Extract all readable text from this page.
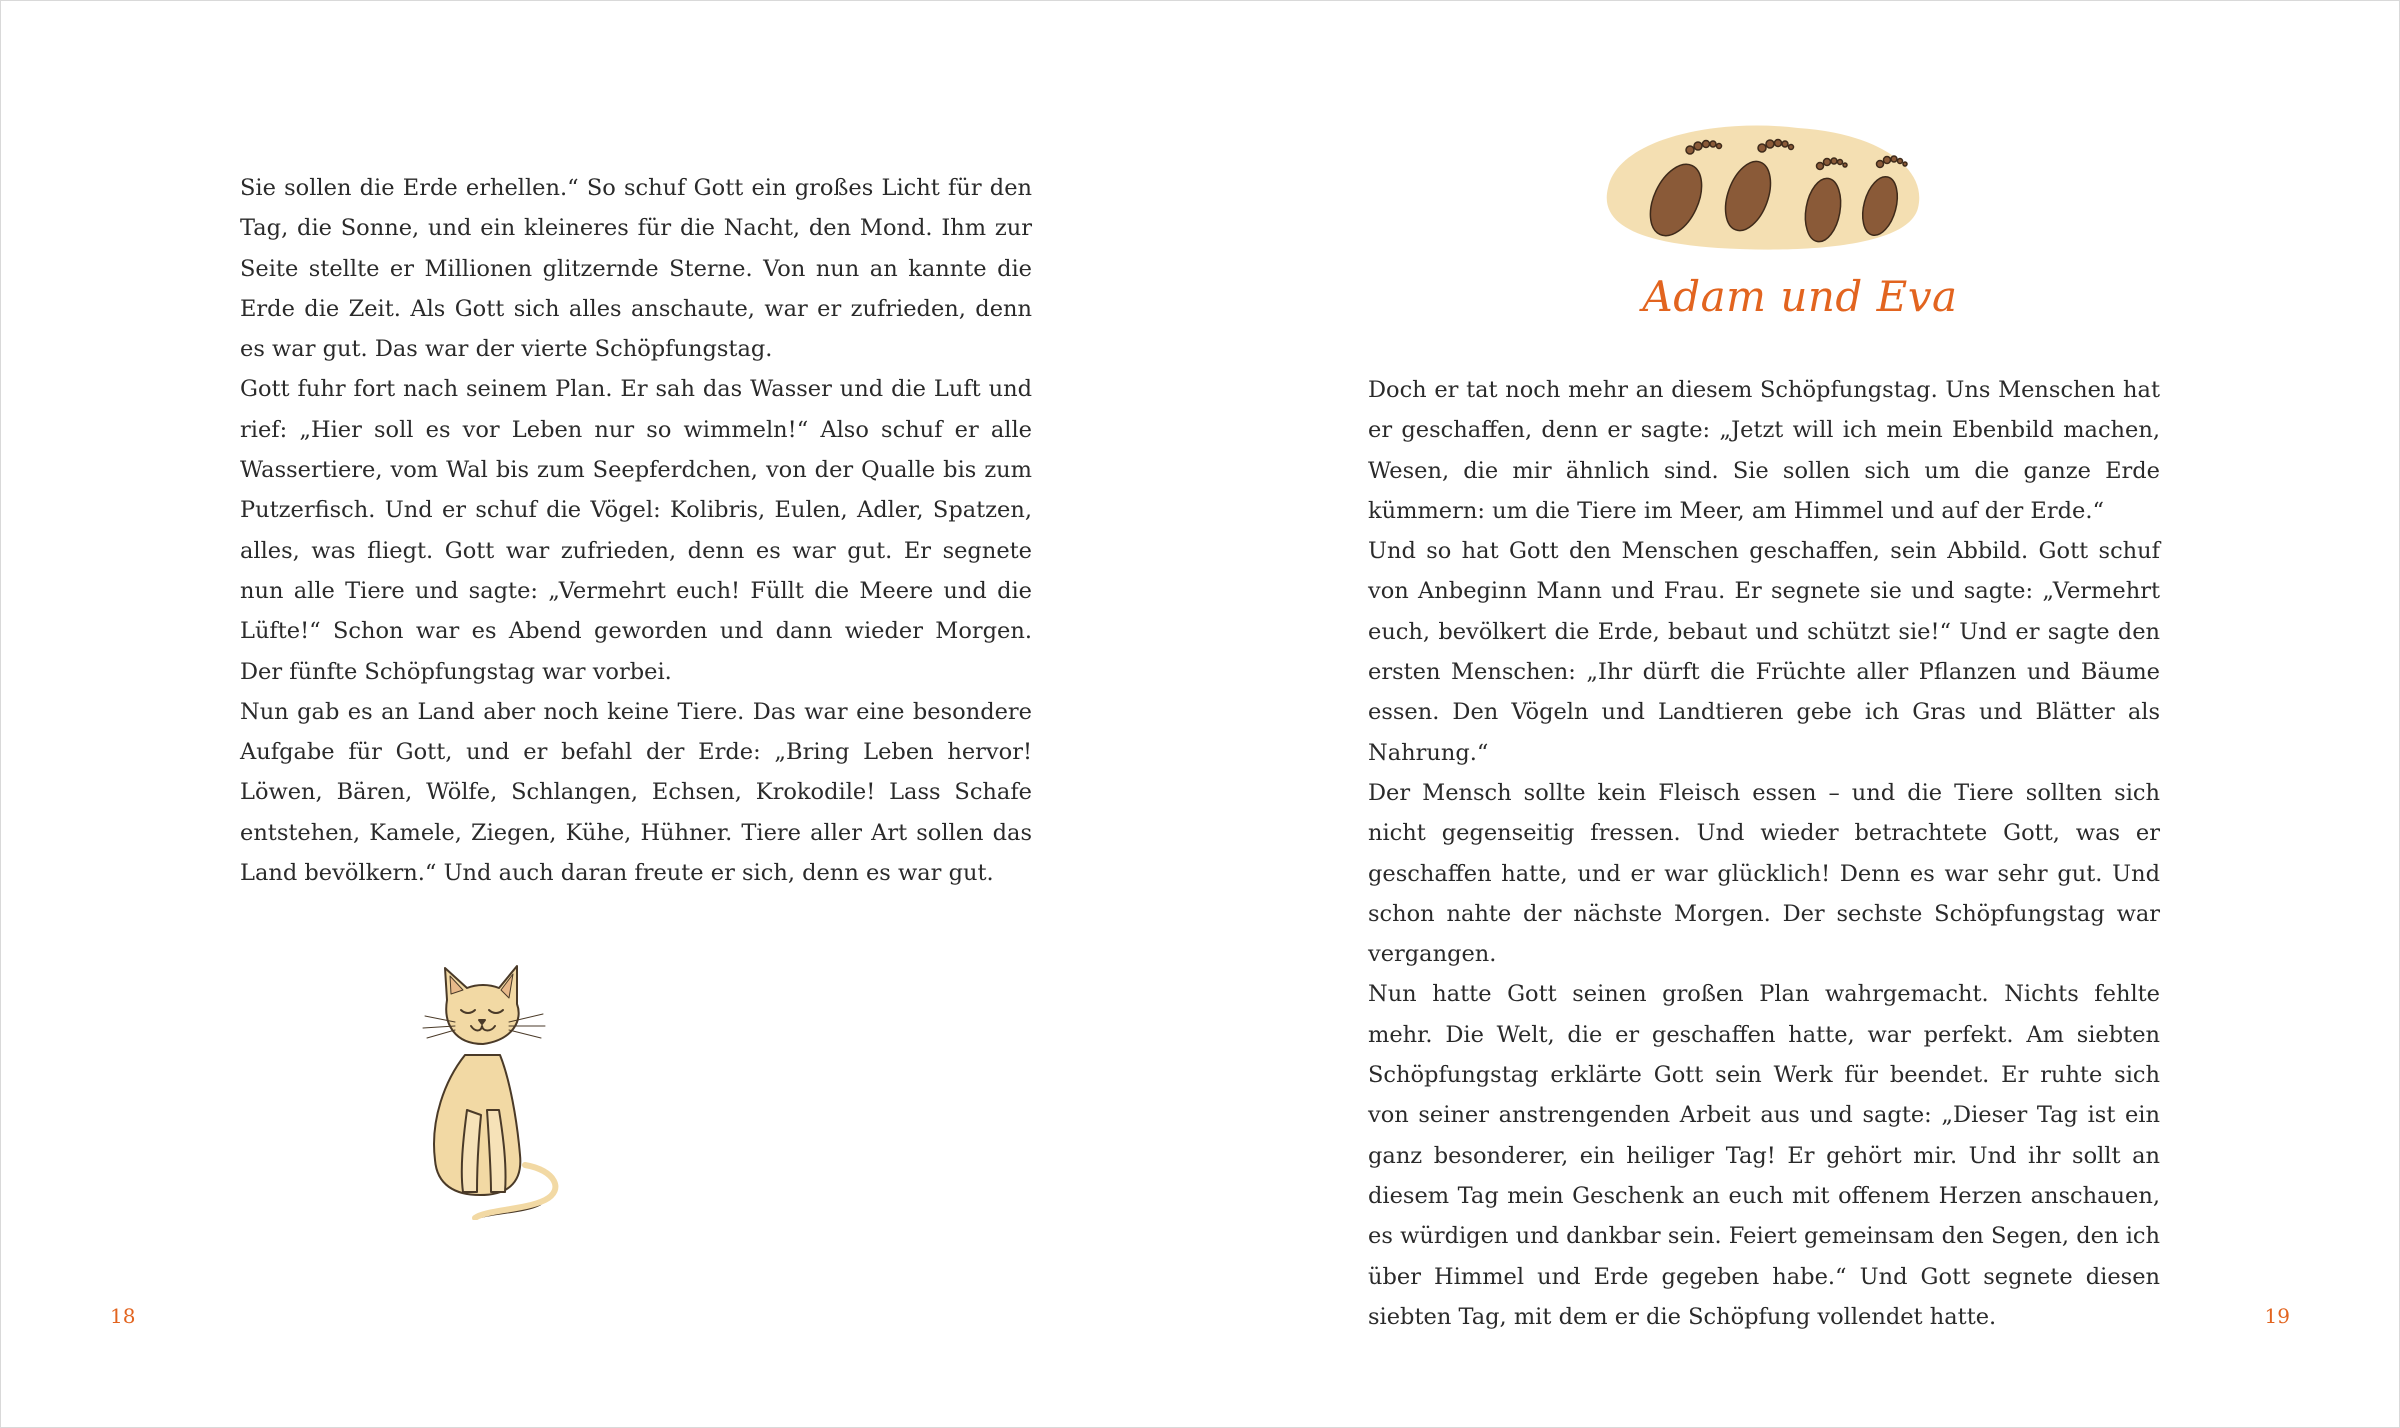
Sie sollen die Erde erhellen.“ So schuf Gott ein großes Licht für den Tag, die Sonne, und ein kleineres für die Nacht, den Mond. Ihm zur Seite stellte er Millionen glitzernde Sterne. Von nun an kannte die Erde die Zeit. Als Gott sich alles anschaute, war er zufrieden, denn es war gut. Das war der vierte Schöpfungstag.

Gott fuhr fort nach seinem Plan. Er sah das Wasser und die Luft und rief: „Hier soll es vor Leben nur so wimmeln!“ Also schuf er alle Wassertiere, vom Wal bis zum Seepferdchen, von der Qualle bis zum Putzerfisch. Und er schuf die Vögel: Kolibris, Eulen, Adler, Spatzen, alles, was fliegt. Gott war zufrieden, denn es war gut. Er segnete nun alle Tiere und sagte: „Vermehrt euch! Füllt die Meere und die Lüfte!“ Schon war es Abend geworden und dann wieder Morgen. Der fünfte Schöpfungstag war vorbei.

Nun gab es an Land aber noch keine Tiere. Das war eine besondere Aufgabe für Gott, und er befahl der Erde: „Bring Leben hervor! Löwen, Bären, Wölfe, Schlangen, Echsen, Krokodile! Lass Schafe entstehen, Kamele, Ziegen, Kühe, Hühner. Tiere aller Art sollen das Land bevölkern.“ Und auch daran freute er sich, denn es war gut.

18
Adam und Eva

Doch er tat noch mehr an diesem Schöpfungstag. Uns Menschen hat er geschaffen, denn er sagte: „Jetzt will ich mein Ebenbild machen, Wesen, die mir ähnlich sind. Sie sollen sich um die ganze Erde kümmern: um die Tiere im Meer, am Himmel und auf der Erde.“

Und so hat Gott den Menschen geschaffen, sein Abbild. Gott schuf von Anbeginn Mann und Frau. Er segnete sie und sagte: „Vermehrt euch, bevölkert die Erde, bebaut und schützt sie!“ Und er sagte den ersten Menschen: „Ihr dürft die Früchte aller Pflanzen und Bäume essen. Den Vögeln und Landtieren gebe ich Gras und Blätter als Nahrung.“

Der Mensch sollte kein Fleisch essen – und die Tiere sollten sich nicht gegenseitig fressen. Und wieder betrachtete Gott, was er geschaffen hatte, und er war glücklich! Denn es war sehr gut. Und schon nahte der nächste Morgen. Der sechste Schöpfungstag war vergangen.

Nun hatte Gott seinen großen Plan wahrgemacht. Nichts fehlte mehr. Die Welt, die er geschaffen hatte, war perfekt. Am siebten Schöpfungstag erklärte Gott sein Werk für beendet. Er ruhte sich von seiner anstrengenden Arbeit aus und sagte: „Dieser Tag ist ein ganz besonderer, ein heiliger Tag! Er gehört mir. Und ihr sollt an diesem Tag mein Geschenk an euch mit offenem Herzen anschauen, es würdigen und dankbar sein. Feiert gemeinsam den Segen, den ich über Himmel und Erde gegeben habe.“ Und Gott segnete diesen siebten Tag, mit dem er die Schöpfung vollendet hatte.	19
